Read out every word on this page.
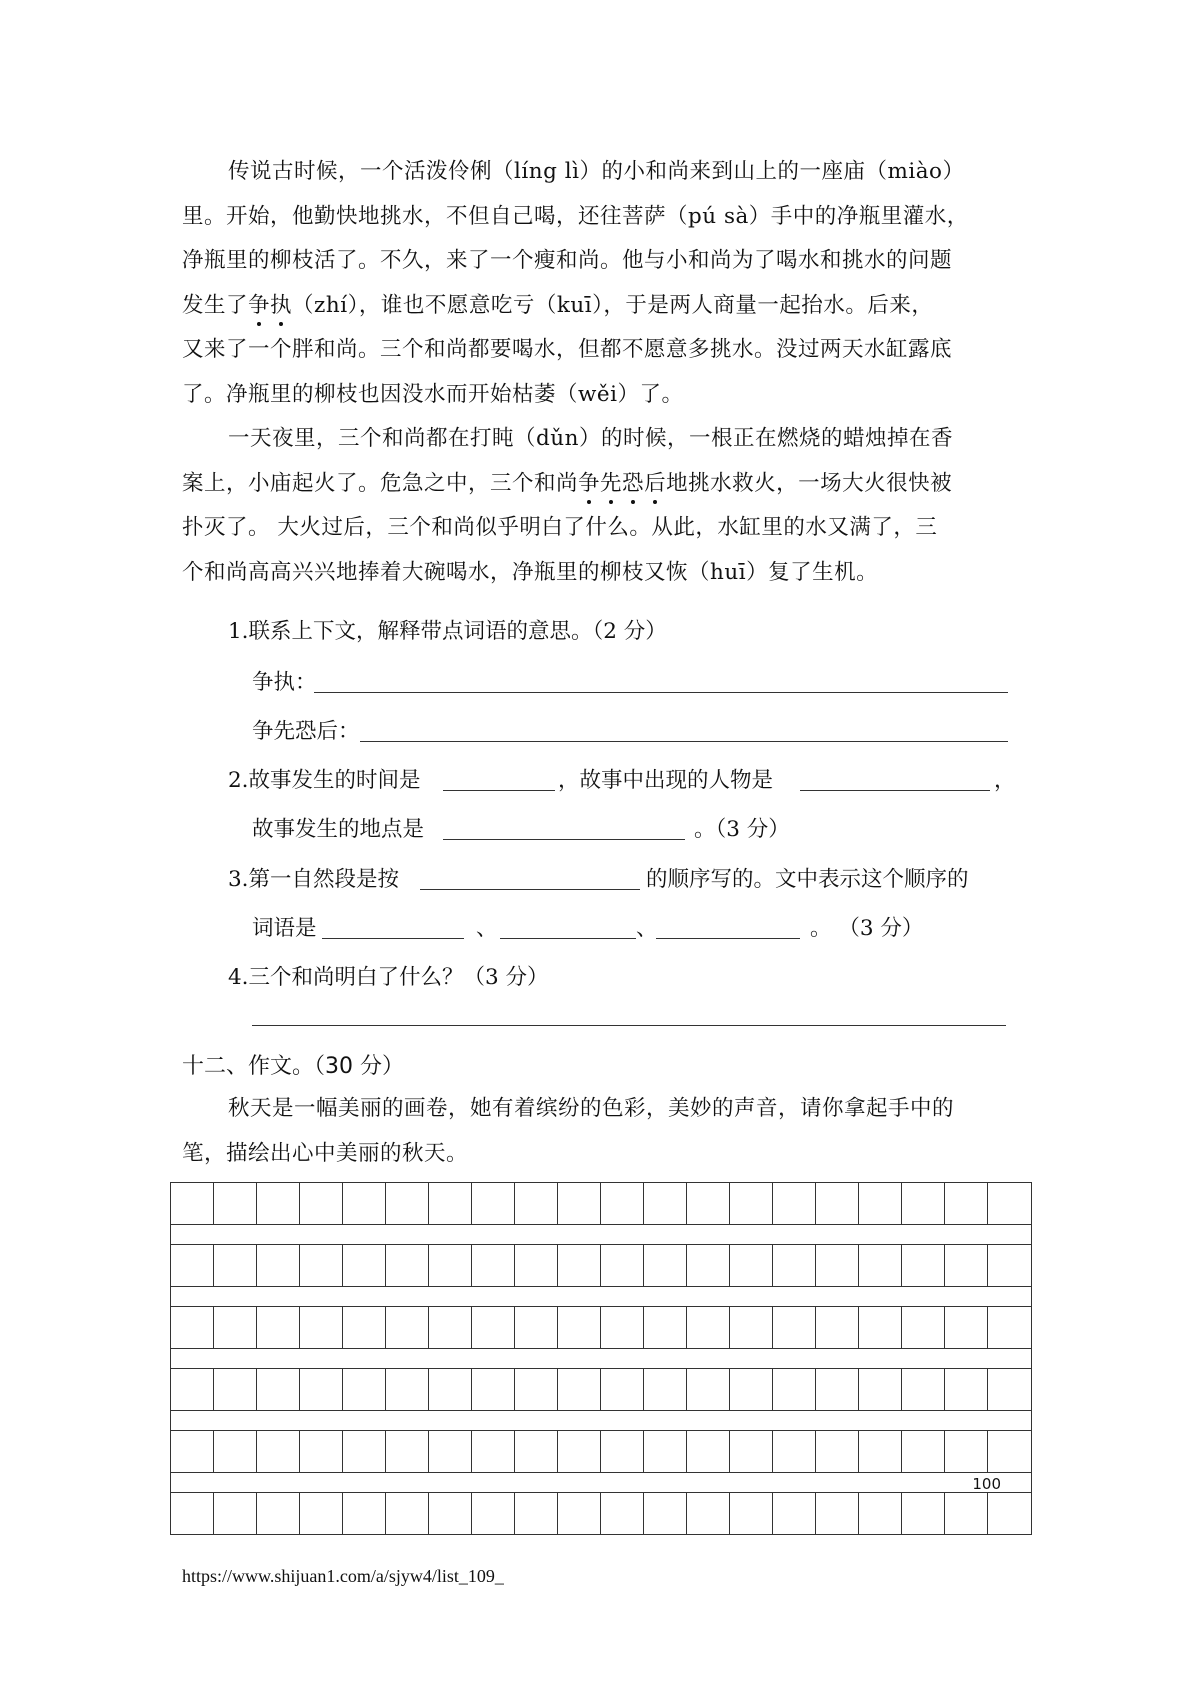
传说古时候，一个活泼伶俐（líng lì）的小和尚来到山上的一座庙（miào）
里。开始，他勤快地挑水，不但自己喝，还往菩萨（pú sà）手中的净瓶里灌水，
净瓶里的柳枝活了。不久，来了一个瘦和尚。他与小和尚为了喝水和挑水的问题
发生了争执（zhí），谁也不愿意吃亏（kuī），于是两人商量一起抬水。后来，
又来了一个胖和尚。三个和尚都要喝水，但都不愿意多挑水。没过两天水缸露底
了。净瓶里的柳枝也因没水而开始枯萎（wěi）了。
一天夜里，三个和尚都在打盹（dǔn）的时候，一根正在燃烧的蜡烛掉在香
案上，小庙起火了。危急之中，三个和尚争先恐后地挑水救火，一场大火很快被
扑灭了。 大火过后，三个和尚似乎明白了什么。从此，水缸里的水又满了，三
个和尚高高兴兴地捧着大碗喝水，净瓶里的柳枝又恢（huī）复了生机。
1.联系上下文，解释带点词语的意思。（2 分）
争执：
争先恐后：
2.故事发生的时间是	，故事中出现的人物是	，
故事发生的地点是	。（3 分）
3.第一自然段是按	的顺序写的。文中表示这个顺序的
词语是	、	、	。 （3 分）
4.三个和尚明白了什么？（3 分）
十二、作文。（30 分）
秋天是一幅美丽的画卷，她有着缤纷的色彩，美妙的声音，请你拿起手中的
笔，描绘出心中美丽的秋天。
100
https://www.shijuan1.com/a/sjyw4/list_109_
